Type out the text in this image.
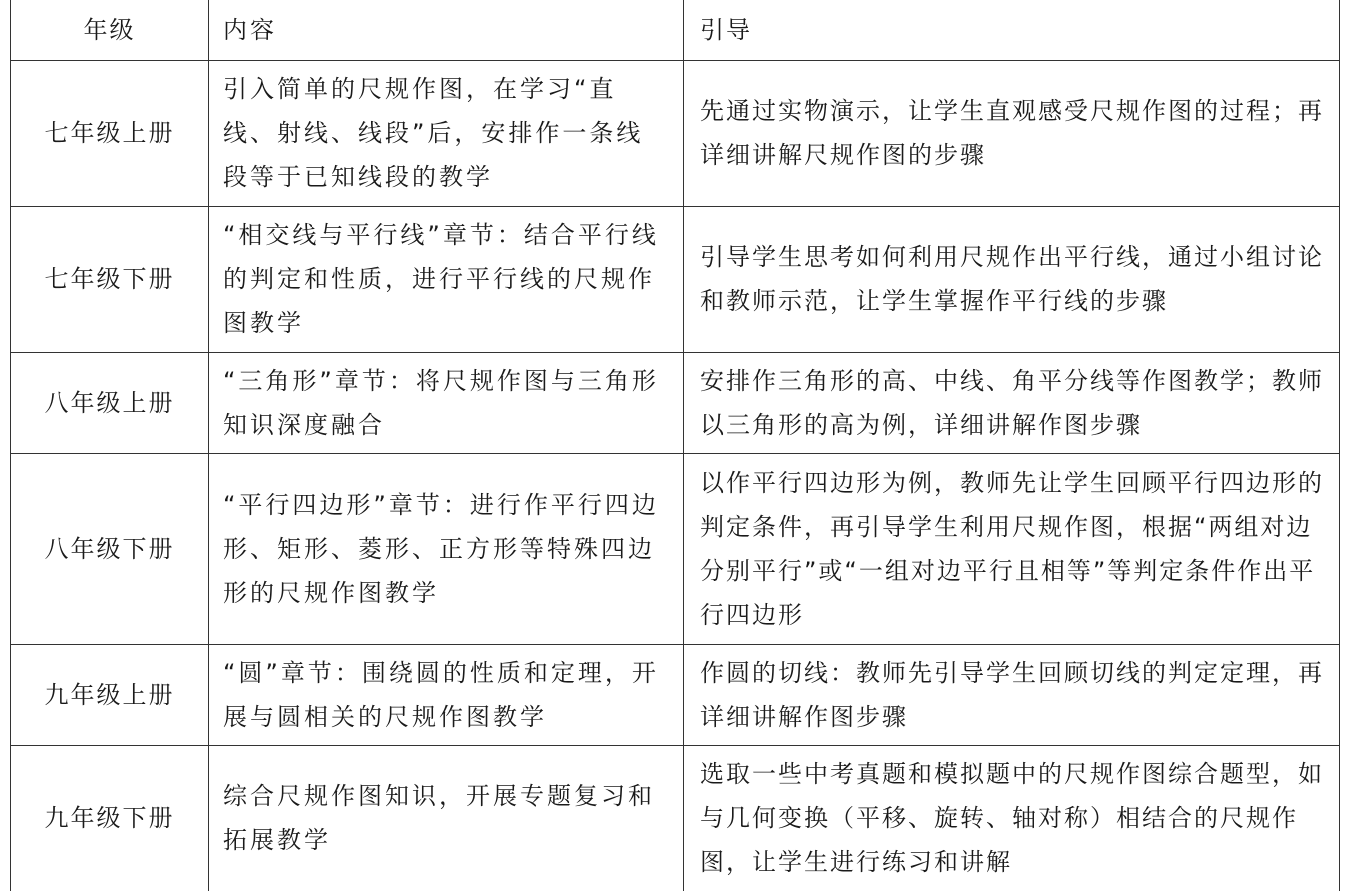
年级	内容	引导

七年级上册	引入简单的尺规作图，在学习“直线、射线、线段”后，安排作一条线段等于已知线段的教学	先通过实物演示，让学生直观感受尺规作图的过程；再详细讲解尺规作图的步骤

七年级下册	“相交线与平行线”章节：结合平行线的判定和性质，进行平行线的尺规作图教学	引导学生思考如何利用尺规作出平行线，通过小组讨论和教师示范，让学生掌握作平行线的步骤

八年级上册	“三角形”章节：将尺规作图与三角形知识深度融合	安排作三角形的高、中线、角平分线等作图教学；教师以三角形的高为例，详细讲解作图步骤

八年级下册	“平行四边形”章节：进行作平行四边形、矩形、菱形、正方形等特殊四边形的尺规作图教学	以作平行四边形为例，教师先让学生回顾平行四边形的判定条件，再引导学生利用尺规作图，根据“两组对边分别平行”或“一组对边平行且相等”等判定条件作出平行四边形

九年级上册	“圆”章节：围绕圆的性质和定理，开展与圆相关的尺规作图教学	作圆的切线：教师先引导学生回顾切线的判定定理，再详细讲解作图步骤

九年级下册	综合尺规作图知识，开展专题复习和拓展教学	选取一些中考真题和模拟题中的尺规作图综合题型，如与几何变换（平移、旋转、轴对称）相结合的尺规作图，让学生进行练习和讲解
